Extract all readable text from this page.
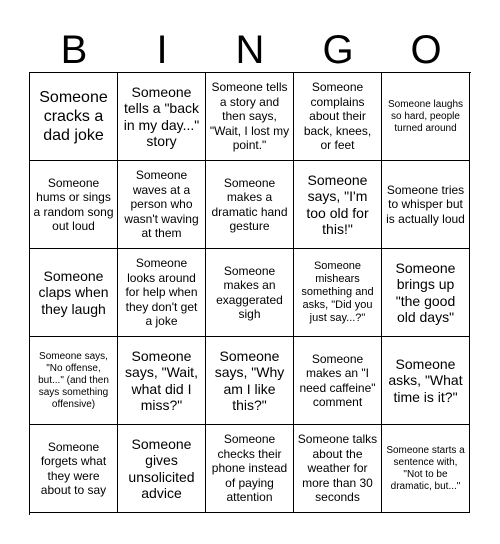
B	I	N	G	O
Someone cracks a dad joke
Someone tells a "back in my day..." story
Someone tells a story and then says, "Wait, I lost my point."
Someone complains about their back, knees, or feet
Someone laughs so hard, people turned around
Someone hums or sings a random song out loud
Someone waves at a person who wasn't waving at them
Someone makes a dramatic hand gesture
Someone says, "I'm too old for this!"
Someone tries to whisper but is actually loud
Someone claps when they laugh
Someone looks around for help when they don't get a joke
Someone makes an exaggerated sigh
Someone mishears something and asks, "Did you just say...?"
Someone brings up "the good old days"
Someone says, "No offense, but..." (and then says something offensive)
Someone says, "Wait, what did I miss?"
Someone says, "Why am I like this?"
Someone makes an "I need caffeine" comment
Someone asks, "What time is it?"
Someone forgets what they were about to say
Someone gives unsolicited advice
Someone checks their phone instead of paying attention
Someone talks about the weather for more than 30 seconds
Someone starts a sentence with, "Not to be dramatic, but..."
